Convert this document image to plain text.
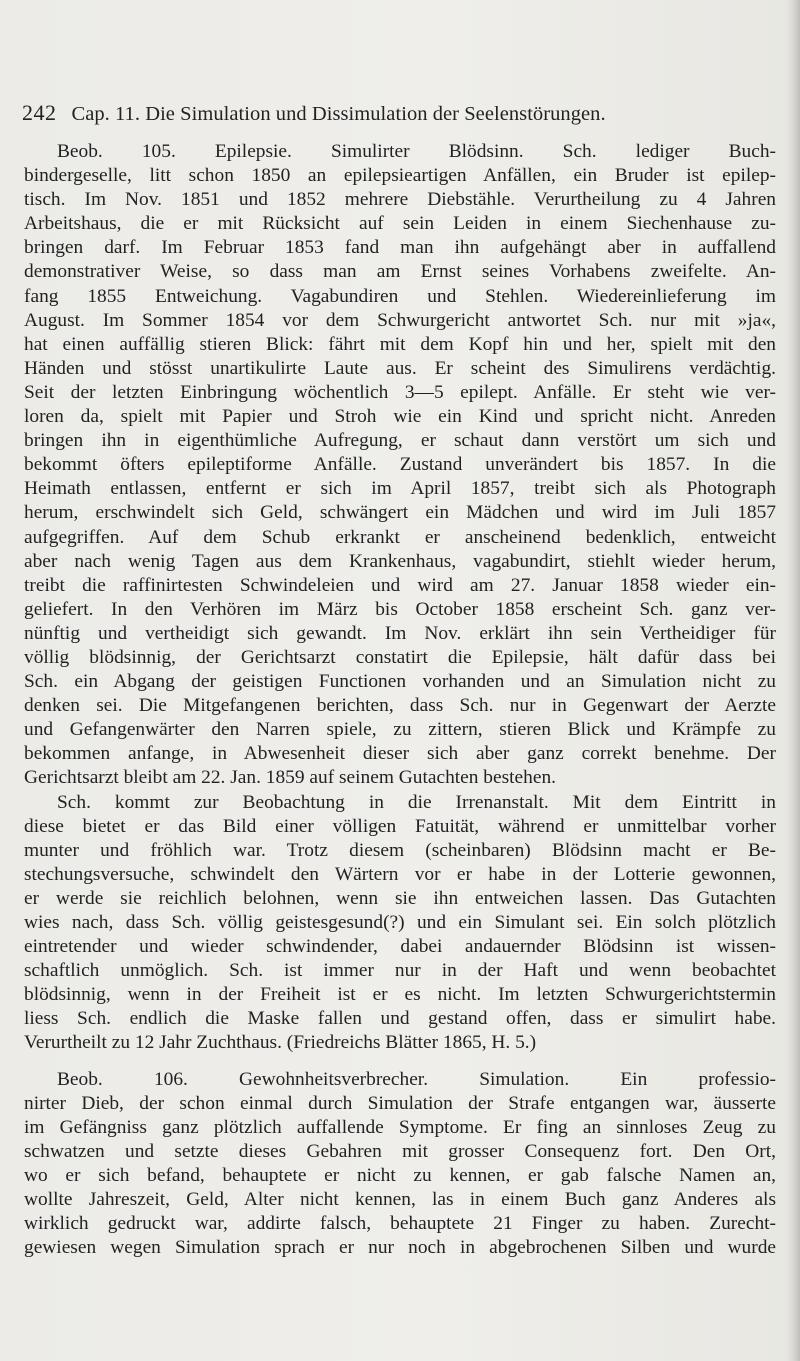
242 Cap. 11. Die Simulation und Dissimulation der Seelenstörungen.
Beob. 105. Epilepsie. Simulirter Blödsinn. Sch. lediger Buch-
bindergeselle, litt schon 1850 an epilepsieartigen Anfällen, ein Bruder ist epilep-
tisch. Im Nov. 1851 und 1852 mehrere Diebstähle. Verurtheilung zu 4 Jahren
Arbeitshaus, die er mit Rücksicht auf sein Leiden in einem Siechenhause zu-
bringen darf. Im Februar 1853 fand man ihn aufgehängt aber in auffallend
demonstrativer Weise, so dass man am Ernst seines Vorhabens zweifelte. An-
fang 1855 Entweichung. Vagabundiren und Stehlen. Wiedereinlieferung im
August. Im Sommer 1854 vor dem Schwurgericht antwortet Sch. nur mit »ja«,
hat einen auffällig stieren Blick: fährt mit dem Kopf hin und her, spielt mit den
Händen und stösst unartikulirte Laute aus. Er scheint des Simulirens verdächtig.
Seit der letzten Einbringung wöchentlich 3—5 epilept. Anfälle. Er steht wie ver-
loren da, spielt mit Papier und Stroh wie ein Kind und spricht nicht. Anreden
bringen ihn in eigenthümliche Aufregung, er schaut dann verstört um sich und
bekommt öfters epileptiforme Anfälle. Zustand unverändert bis 1857. In die
Heimath entlassen, entfernt er sich im April 1857, treibt sich als Photograph
herum, erschwindelt sich Geld, schwängert ein Mädchen und wird im Juli 1857
aufgegriffen. Auf dem Schub erkrankt er anscheinend bedenklich, entweicht
aber nach wenig Tagen aus dem Krankenhaus, vagabundirt, stiehlt wieder herum,
treibt die raffinirtesten Schwindeleien und wird am 27. Januar 1858 wieder ein-
geliefert. In den Verhören im März bis October 1858 erscheint Sch. ganz ver-
nünftig und vertheidigt sich gewandt. Im Nov. erklärt ihn sein Vertheidiger für
völlig blödsinnig, der Gerichtsarzt constatirt die Epilepsie, hält dafür dass bei
Sch. ein Abgang der geistigen Functionen vorhanden und an Simulation nicht zu
denken sei. Die Mitgefangenen berichten, dass Sch. nur in Gegenwart der Aerzte
und Gefangenwärter den Narren spiele, zu zittern, stieren Blick und Krämpfe zu
bekommen anfange, in Abwesenheit dieser sich aber ganz correkt benehme. Der
Gerichtsarzt bleibt am 22. Jan. 1859 auf seinem Gutachten bestehen.
Sch. kommt zur Beobachtung in die Irrenanstalt. Mit dem Eintritt in
diese bietet er das Bild einer völligen Fatuität, während er unmittelbar vorher
munter und fröhlich war. Trotz diesem (scheinbaren) Blödsinn macht er Be-
stechungsversuche, schwindelt den Wärtern vor er habe in der Lotterie gewonnen,
er werde sie reichlich belohnen, wenn sie ihn entweichen lassen. Das Gutachten
wies nach, dass Sch. völlig geistesgesund(?) und ein Simulant sei. Ein solch plötzlich
eintretender und wieder schwindender, dabei andauernder Blödsinn ist wissen-
schaftlich unmöglich. Sch. ist immer nur in der Haft und wenn beobachtet
blödsinnig, wenn in der Freiheit ist er es nicht. Im letzten Schwurgerichtstermin
liess Sch. endlich die Maske fallen und gestand offen, dass er simulirt habe.
Verurtheilt zu 12 Jahr Zuchthaus. (Friedreichs Blätter 1865, H. 5.)
Beob. 106. Gewohnheitsverbrecher. Simulation. Ein professio-
nirter Dieb, der schon einmal durch Simulation der Strafe entgangen war, äusserte
im Gefängniss ganz plötzlich auffallende Symptome. Er fing an sinnloses Zeug zu
schwatzen und setzte dieses Gebahren mit grosser Consequenz fort. Den Ort,
wo er sich befand, behauptete er nicht zu kennen, er gab falsche Namen an,
wollte Jahreszeit, Geld, Alter nicht kennen, las in einem Buch ganz Anderes als
wirklich gedruckt war, addirte falsch, behauptete 21 Finger zu haben. Zurecht-
gewiesen wegen Simulation sprach er nur noch in abgebrochenen Silben und wurde
